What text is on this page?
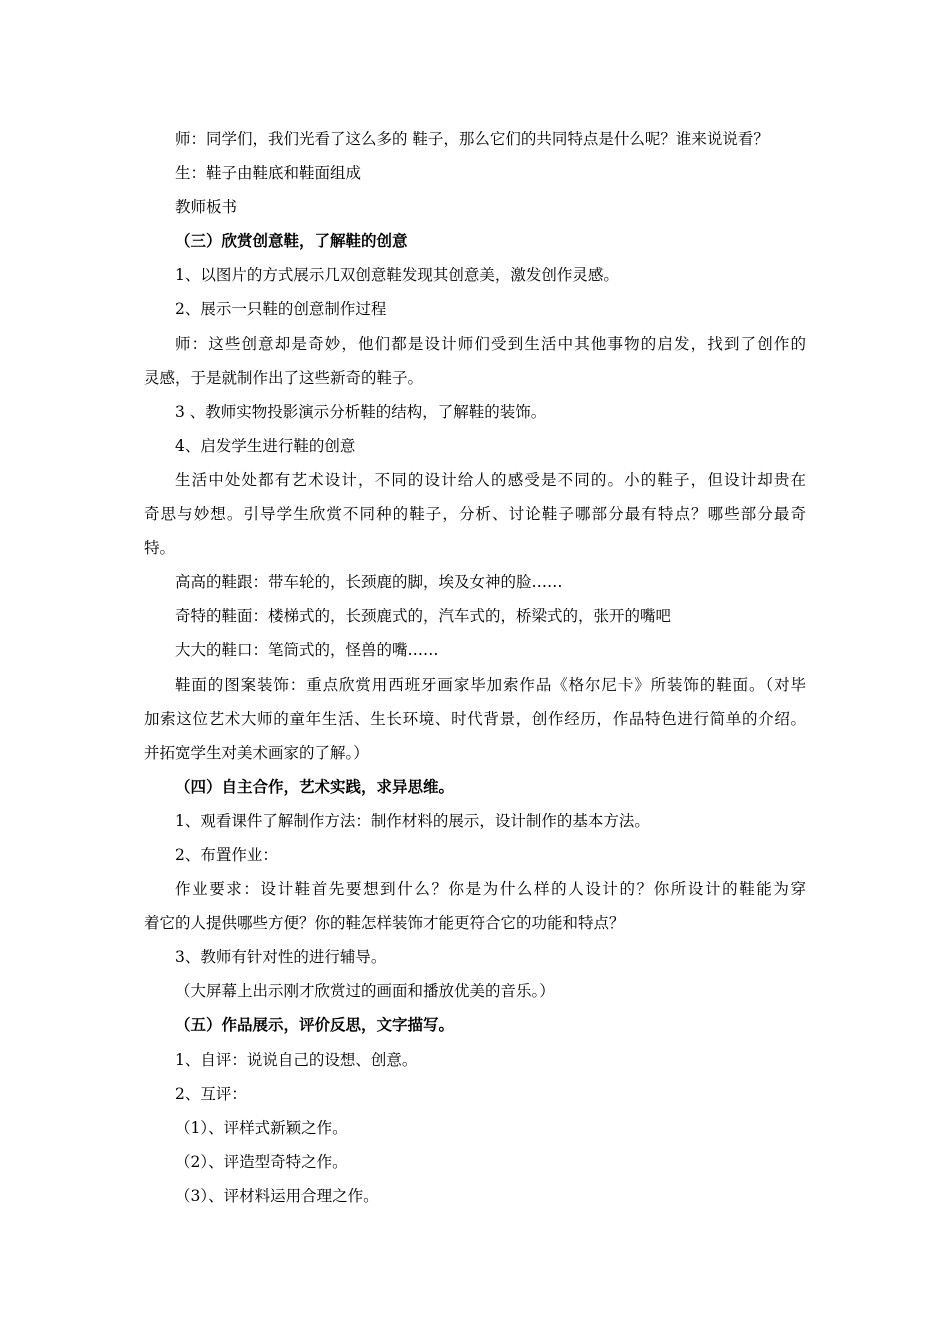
师：同学们，我们光看了这么多的 鞋子，那么它们的共同特点是什么呢？谁来说说看？
生：鞋子由鞋底和鞋面组成
教师板书
（三）欣赏创意鞋，了解鞋的创意
1、以图片的方式展示几双创意鞋发现其创意美，激发创作灵感。
2、展示一只鞋的创意制作过程
师：这些创意却是奇妙，他们都是设计师们受到生活中其他事物的启发，找到了创作的
灵感，于是就制作出了这些新奇的鞋子。
3 、教师实物投影演示分析鞋的结构，了解鞋的装饰。
4、启发学生进行鞋的创意
生活中处处都有艺术设计，不同的设计给人的感受是不同的。小的鞋子，但设计却贵在
奇思与妙想。引导学生欣赏不同种的鞋子，分析、讨论鞋子哪部分最有特点？哪些部分最奇
特。
高高的鞋跟：带车轮的，长颈鹿的脚，埃及女神的脸……
奇特的鞋面：楼梯式的，长颈鹿式的，汽车式的，桥梁式的，张开的嘴吧
大大的鞋口：笔筒式的，怪兽的嘴……
鞋面的图案装饰：重点欣赏用西班牙画家毕加索作品《格尔尼卡》所装饰的鞋面。（对毕
加索这位艺术大师的童年生活、生长环境、时代背景，创作经历，作品特色进行简单的介绍。
并拓宽学生对美术画家的了解。）
（四）自主合作，艺术实践，求异思维。
1、观看课件了解制作方法：制作材料的展示，设计制作的基本方法。
2、布置作业：
作业要求：设计鞋首先要想到什么？你是为什么样的人设计的？你所设计的鞋能为穿
着它的人提供哪些方便？你的鞋怎样装饰才能更符合它的功能和特点？
3、教师有针对性的进行辅导。
（大屏幕上出示刚才欣赏过的画面和播放优美的音乐。）
（五）作品展示，评价反思，文字描写。
1、自评：说说自己的设想、创意。
2、互评：
（1）、评样式新颖之作。
（2）、评造型奇特之作。
（3）、评材料运用合理之作。
